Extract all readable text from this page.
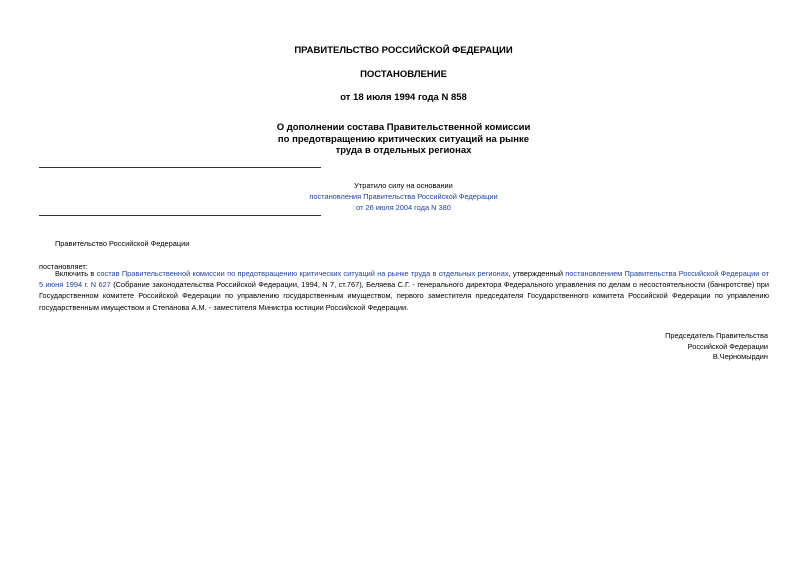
ПРАВИТЕЛЬСТВО РОССИЙСКОЙ ФЕДЕРАЦИИ
ПОСТАНОВЛЕНИЕ
от 18 июля 1994 года N 858
О дополнении состава Правительственной комиссии
по предотвращению критических ситуаций на рынке
труда в отдельных регионах
Утратило силу на основании
постановления Правительства Российской Федерации
от 26 июля 2004 года N 380
Правительство Российской Федерации
постановляет:
Включить в состав Правительственной комиссии по предотвращению критических ситуаций на рынке труда в отдельных регионах, утвержденный постановлением Правительства Российской Федерации от 5 июня 1994 г. N 627 (Собрание законодательства Российской Федерации, 1994, N 7, ст.767), Беляева С.Г. - генерального директора Федерального управления по делам о несостоятельности (банкротстве) при Государственном комитете Российской Федерации по управлению государственным имуществом, первого заместителя председателя Государственного комитета Российской Федерации по управлению государственным имуществом и Степанова А.М. - заместителя Министра юстиции Российской Федерации.
Председатель Правительства
Российской Федерации
В.Черномырдин
